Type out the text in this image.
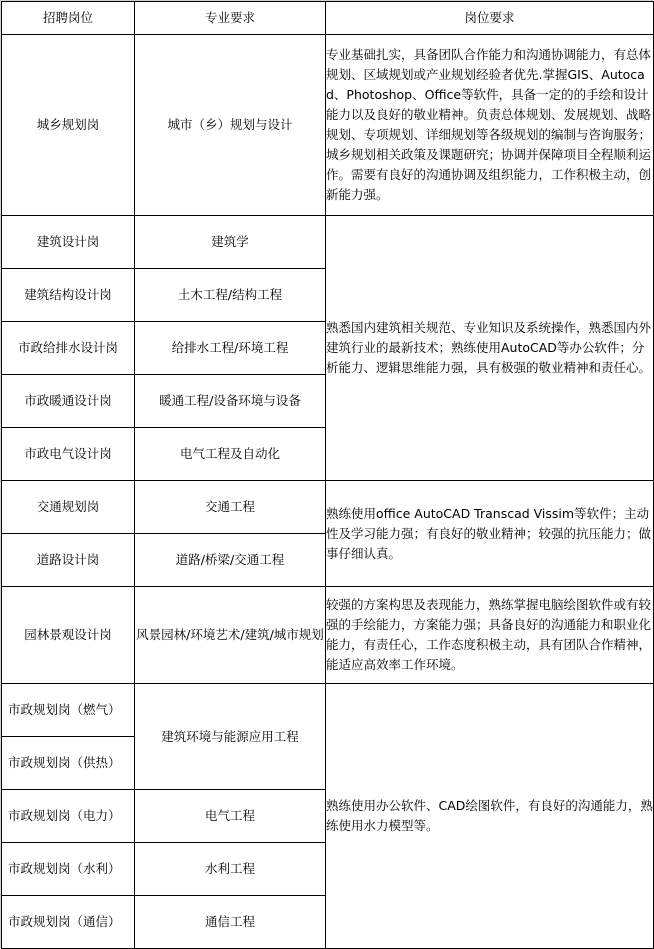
招聘岗位	专业要求	岗位要求
城乡规划岗	城市（乡）规划与设计	专业基础扎实，具备团队合作能力和沟通协调能力，有总体规划、区域规划或产业规划经验者优先.掌握GIS、Autocad、Photoshop、Office等软件，具备一定的的手绘和设计能力以及良好的敬业精神。负责总体规划、发展规划、战略规划、专项规划、详细规划等各级规划的编制与咨询服务；城乡规划相关政策及课题研究；协调并保障项目全程顺利运作。需要有良好的沟通协调及组织能力，工作积极主动，创新能力强。
建筑设计岗	建筑学	熟悉国内建筑相关规范、专业知识及系统操作，熟悉国内外建筑行业的最新技术；熟练使用AutoCAD等办公软件；分析能力、逻辑思维能力强，具有极强的敬业精神和责任心。
建筑结构设计岗	土木工程/结构工程	
市政给排水设计岗	给排水工程/环境工程	
市政暖通设计岗	暖通工程/设备环境与设备	
市政电气设计岗	电气工程及自动化	
交通规划岗	交通工程	熟练使用office AutoCAD Transcad Vissim等软件；主动性及学习能力强；有良好的敬业精神；较强的抗压能力；做事仔细认真。
道路设计岗	道路/桥梁/交通工程	
园林景观设计岗	风景园林/环境艺术/建筑/城市规划	较强的方案构思及表现能力，熟练掌握电脑绘图软件或有较强的手绘能力，方案能力强；具备良好的沟通能力和职业化能力，有责任心，工作态度积极主动，具有团队合作精神，能适应高效率工作环境。
市政规划岗（燃气）	建筑环境与能源应用工程	熟练使用办公软件、CAD绘图软件，有良好的沟通能力，熟练使用水力模型等。
市政规划岗（供热）		
市政规划岗（电力）	电气工程	
市政规划岗（水利）	水利工程	
市政规划岗（通信）	通信工程	
